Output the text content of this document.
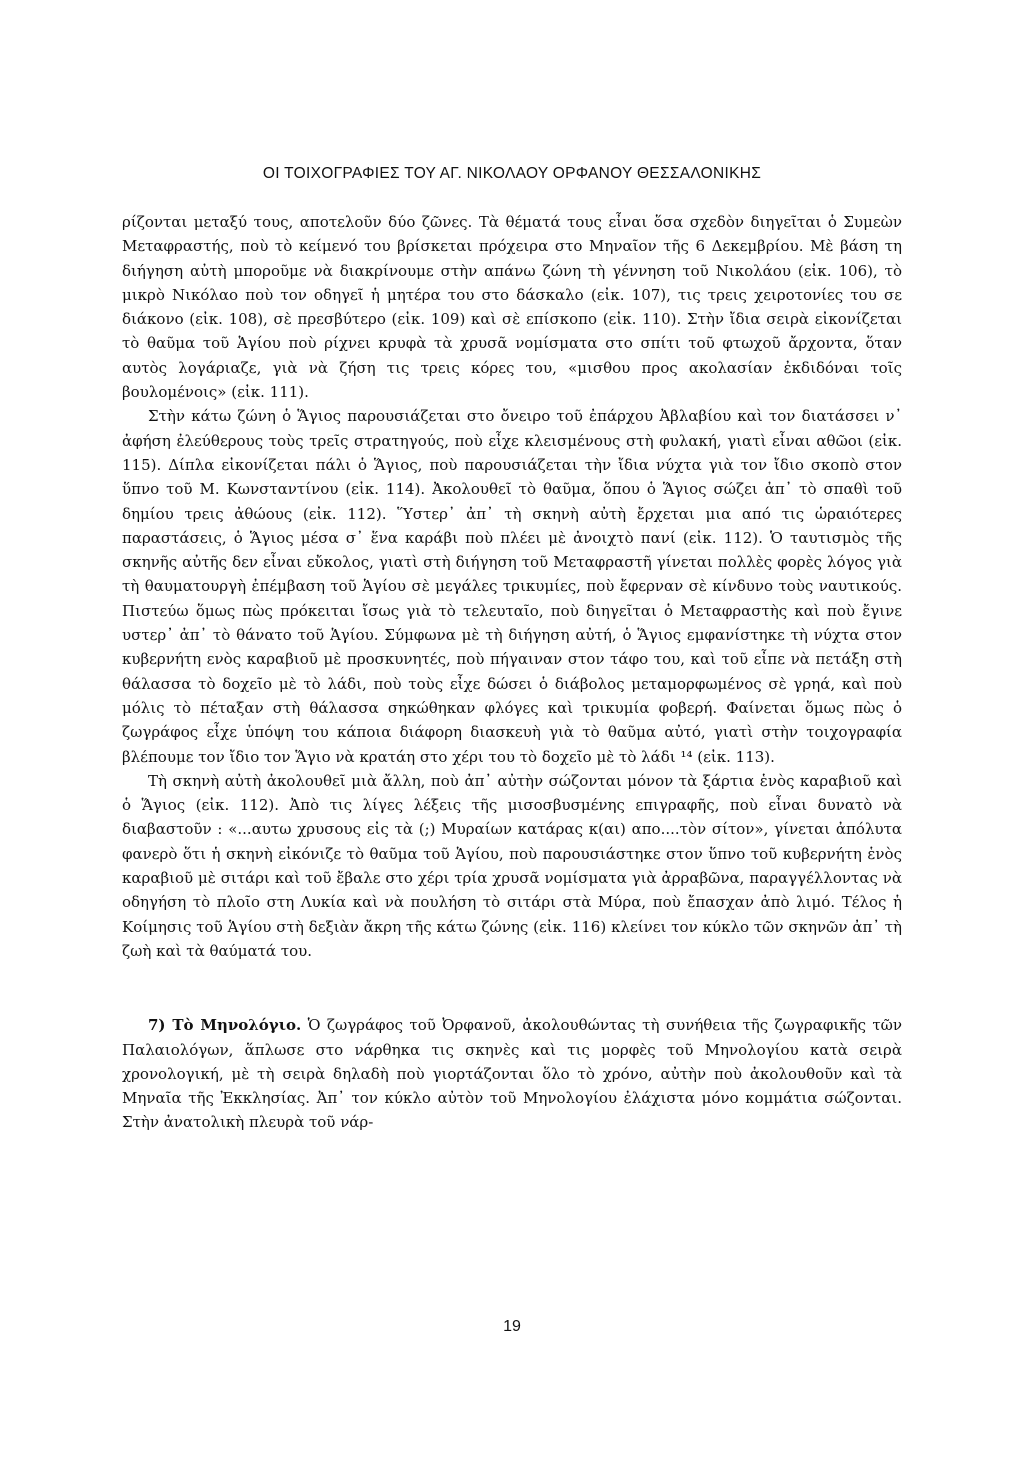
ΟΙ ΤΟΙΧΟΓΡΑΦΙΕΣ ΤΟΥ ΑΓ. ΝΙΚΟΛΑΟΥ ΟΡΦΑΝΟΥ ΘΕΣΣΑΛΟΝΙΚΗΣ

ρίζονται μεταξύ τους, αποτελοῦν δύο ζῶνες. Τὰ θέματά τους εἶναι ὅσα σχεδὸν διηγεῖται ὁ Συμεὼν Μεταφραστής, ποὺ τὸ κείμενό του βρίσκεται πρόχειρα στο Μηναῖον τῆς 6 Δεκεμβρίου. Μὲ βάση τη διήγηση αὐτὴ μποροῦμε νὰ διακρίνουμε στὴν απάνω ζώνη τὴ γέννηση τοῦ Νικολάου (εἰκ. 106), τὸ μικρὸ Νικόλαο ποὺ τον οδηγεῖ ἡ μητέρα του στο δάσκαλο (εἰκ. 107), τις τρεις χειροτονίες του σε διάκονο (εἰκ. 108), σὲ πρεσβύτερο (εἰκ. 109) καὶ σὲ επίσκοπο (εἰκ. 110). Στὴν ἴδια σειρὰ εἰκονίζεται τὸ θαῦμα τοῦ Ἁγίου ποὺ ρίχνει κρυφὰ τὰ χρυσᾶ νομίσματα στο σπίτι τοῦ φτωχοῦ ἄρχοντα, ὅταν αυτὸς λογάριαζε, γιὰ νὰ ζήση τις τρεις κόρες του, «μισθου προς ακολασίαν ἐκδιδόναι τοῖς βουλομένοις» (εἰκ. 111).

Στὴν κάτω ζώνη ὁ Ἅγιος παρουσιάζεται στο ὄνειρο τοῦ ἐπάρχου Ἀβλαβίου καὶ τον διατάσσει ν᾽ ἀφήση ἐλεύθερους τοὺς τρεῖς στρατηγούς, ποὺ εἶχε κλεισμένους στὴ φυλακή, γιατὶ εἶναι αθῶοι (εἰκ. 115). Δίπλα εἰκονίζεται πάλι ὁ Ἅγιος, ποὺ παρουσιάζεται τὴν ἴδια νύχτα γιὰ τον ἴδιο σκοπὸ στον ὕπνο τοῦ Μ. Κωνσταντίνου (εἰκ. 114). Ἀκολουθεῖ τὸ θαῦμα, ὅπου ὁ Ἅγιος σώζει ἀπ᾽ τὸ σπαθὶ τοῦ δημίου τρεις ἀθώους (εἰκ. 112). Ὕστερ᾽ ἀπ᾽ τὴ σκηνὴ αὐτὴ ἔρχεται μια από τις ὡραιότερες παραστάσεις, ὁ Ἅγιος μέσα σ᾽ ἕνα καράβι ποὺ πλέει μὲ ἀνοιχτὸ πανί (εἰκ. 112). Ὁ ταυτισμὸς τῆς σκηνῆς αὐτῆς δεν εἶναι εὔκολος, γιατὶ στὴ διήγηση τοῦ Μεταφραστῆ γίνεται πολλὲς φορὲς λόγος γιὰ τὴ θαυματουργὴ ἐπέμβαση τοῦ Ἁγίου σὲ μεγάλες τρικυμίες, ποὺ ἔφερναν σὲ κίνδυνο τοὺς ναυτικούς. Πιστεύω ὅμως πὼς πρόκειται ἴσως γιὰ τὸ τελευταῖο, ποὺ διηγεῖται ὁ Μεταφραστὴς καὶ ποὺ ἔγινε υστερ᾽ ἀπ᾽ τὸ θάνατο τοῦ Ἁγίου. Σύμφωνα μὲ τὴ διήγηση αὐτή, ὁ Ἅγιος εμφανίστηκε τὴ νύχτα στον κυβερνήτη ενὸς καραβιοῦ μὲ προσκυνητές, ποὺ πήγαιναν στον τάφο του, καὶ τοῦ εἶπε νὰ πετάξη στὴ θάλασσα τὸ δοχεῖο μὲ τὸ λάδι, ποὺ τοὺς εἶχε δώσει ὁ διάβολος μεταμορφωμένος σὲ γρηά, καὶ ποὺ μόλις τὸ πέταξαν στὴ θάλασσα σηκώθηκαν φλόγες καὶ τρικυμία φοβερή. Φαίνεται ὅμως πὼς ὁ ζωγράφος εἶχε ὑπόψη του κάποια διάφορη διασκευὴ γιὰ τὸ θαῦμα αὐτό, γιατὶ στὴν τοιχογραφία βλέπουμε τον ἴδιο τον Ἅγιο νὰ κρατάη στο χέρι του τὸ δοχεῖο μὲ τὸ λάδι ¹⁴ (εἰκ. 113).

Τὴ σκηνὴ αὐτὴ ἀκολουθεῖ μιὰ ἄλλη, ποὺ ἀπ᾽ αὐτὴν σώζονται μόνον τὰ ξάρτια ἑνὸς καραβιοῦ καὶ ὁ Ἅγιος (εἰκ. 112). Ἀπὸ τις λίγες λέξεις τῆς μισοσβυσμένης επιγραφῆς, ποὺ εἶναι δυνατὸ νὰ διαβαστοῦν : «...αυτω χρυσους εἰς τὰ (;) Μυραίων κατάρας κ(αι) απο....τὸν σίτον», γίνεται ἀπόλυτα φανερὸ ὅτι ἡ σκηνὴ εἰκόνιζε τὸ θαῦμα τοῦ Ἁγίου, ποὺ παρουσιάστηκε στον ὕπνο τοῦ κυβερνήτη ἑνὸς καραβιοῦ μὲ σιτάρι καὶ τοῦ ἔβαλε στο χέρι τρία χρυσᾶ νομίσματα γιὰ ἀρραβῶνα, παραγγέλλοντας νὰ οδηγήση τὸ πλοῖο στη Λυκία καὶ νὰ πουλήση τὸ σιτάρι στὰ Μύρα, ποὺ ἔπασχαν ἀπὸ λιμό. Τέλος ἡ Κοίμησις τοῦ Ἁγίου στὴ δεξιὰν ἄκρη τῆς κάτω ζώνης (εἰκ. 116) κλείνει τον κύκλο τῶν σκηνῶν ἀπ᾽ τὴ ζωὴ καὶ τὰ θαύματά του.

7) Τὸ Μηνολόγιο. Ὁ ζωγράφος τοῦ Ὀρφανοῦ, ἀκολουθώντας τὴ συνήθεια τῆς ζωγραφικῆς τῶν Παλαιολόγων, ἅπλωσε στο νάρθηκα τις σκηνὲς καὶ τις μορφὲς τοῦ Μηνολογίου κατὰ σειρὰ χρονολογική, μὲ τὴ σειρὰ δηλαδὴ ποὺ γιορτάζονται ὅλο τὸ χρόνο, αὐτὴν ποὺ ἀκολουθοῦν καὶ τὰ Μηναῖα τῆς Ἐκκλησίας. Ἀπ᾽ τον κύκλο αὐτὸν τοῦ Μηνολογίου ἐλάχιστα μόνο κομμάτια σώζονται. Στὴν ἀνατολικὴ πλευρὰ τοῦ νάρ-

19
